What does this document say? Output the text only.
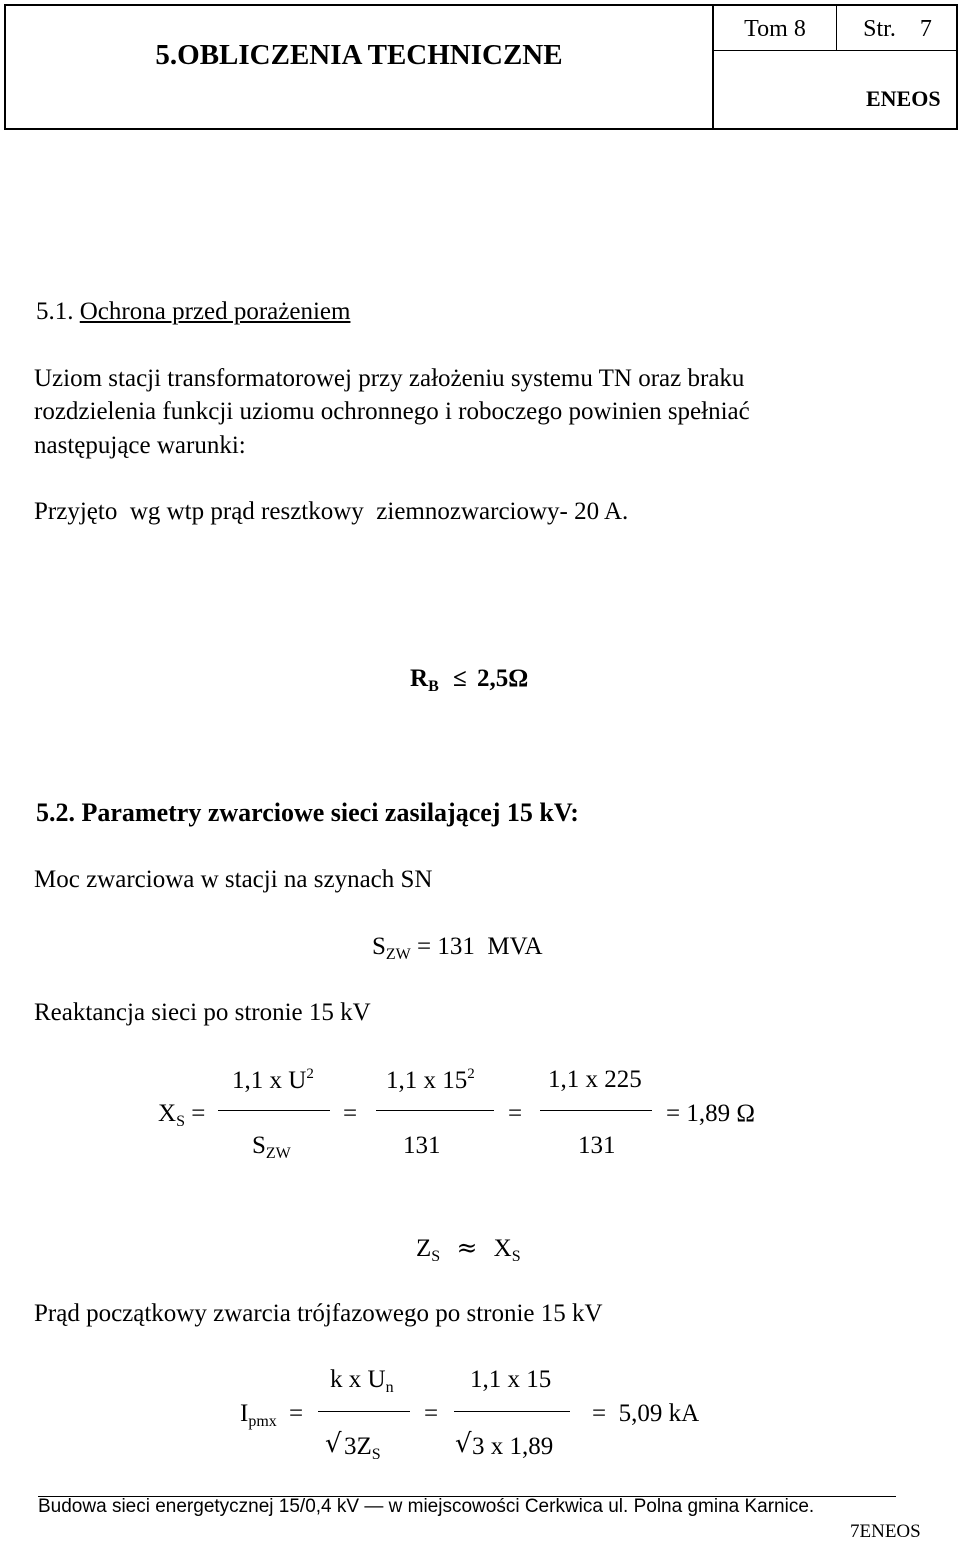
5.OBLICZENIA TECHNICZNE
Tom 8	Str.    7
ENEOS
5.1. Ochrona przed porażeniem
Uziom stacji transformatorowej przy założeniu systemu TN oraz braku
rozdzielenia funkcji uziomu ochronnego i roboczego powinien spełniać
następujące warunki:
Przyjęto  wg wtp prąd resztkowy  ziemnozwarciowy- 20 A.
$R_B \le 2,5\Omega$
5.2. Parametry zwarciowe sieci zasilającej 15 kV:
Moc zwarciowa w stacji na szynach SN
$S_{ZW} = 131$  MVA
Reaktancja sieci po stronie 15 kV
$X_S$ =
1,1 x $U^2$
$S_{ZW}$
=
1,1 x $15^2$
131
=
1,1 x 225
131
= 1,89 Ω
$Z_S \approx X_S$
Prąd początkowy zwarcia trójfazowego po stronie 15 kV
$I_{pmx}$ =
k x $U_n$
√ $3Z_S$
=
1,1 x 15
√ 3 x 1,89
=  5,09 kA
Budowa sieci energetycznej 15/0,4 kV — w miejscowości Cerkwica ul. Polna gmina Karnice.
7ENEOS
